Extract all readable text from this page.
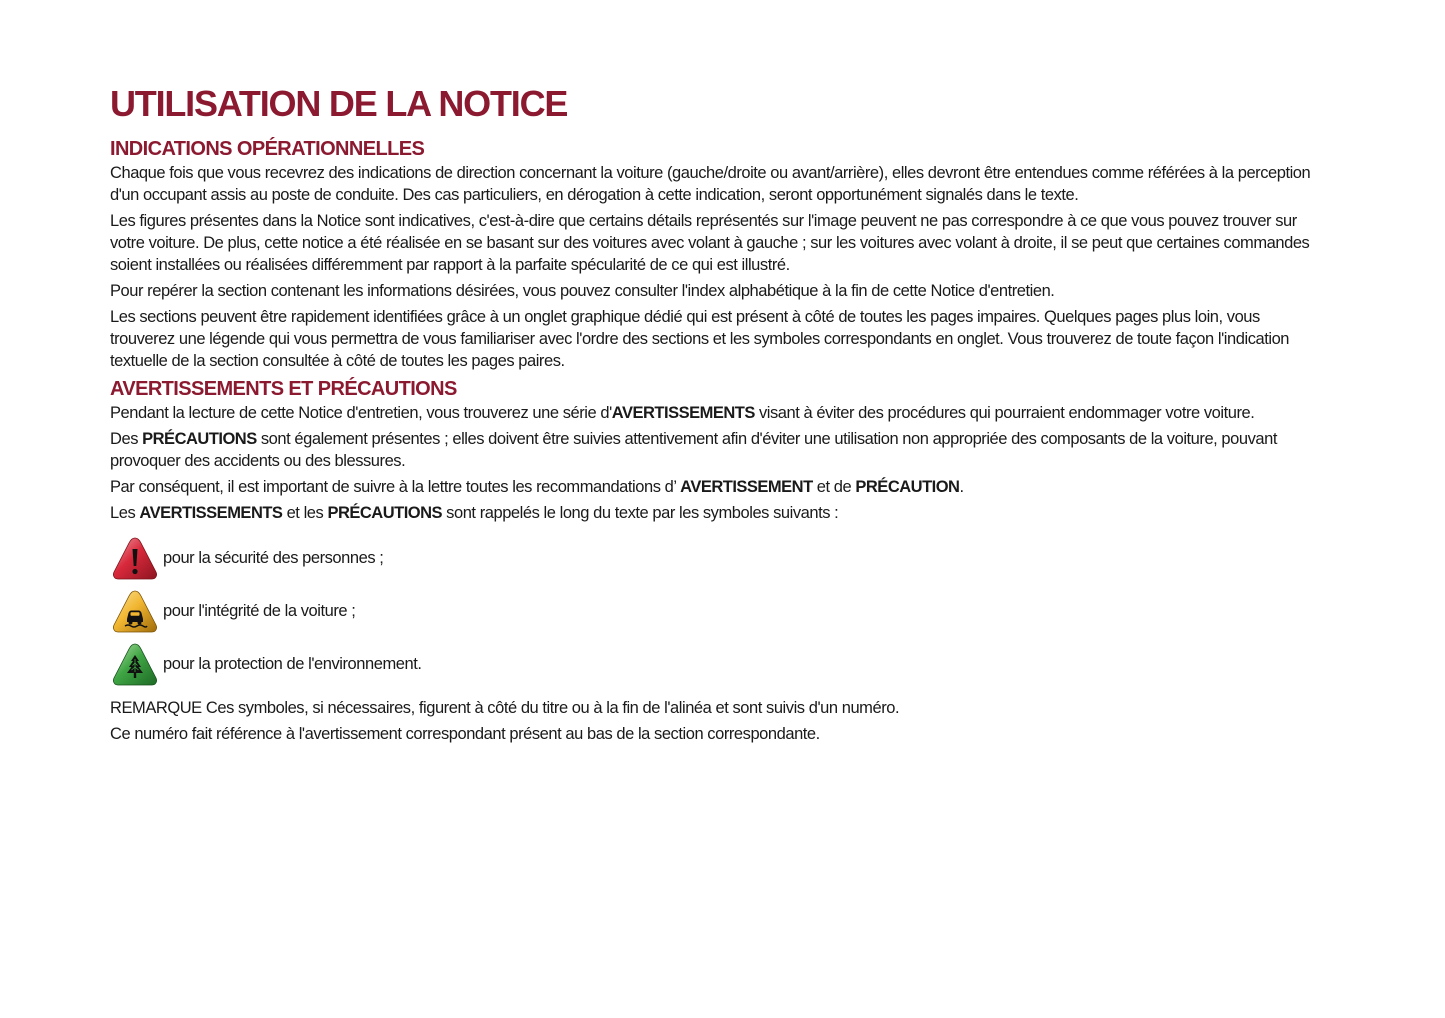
UTILISATION DE LA NOTICE
INDICATIONS OPÉRATIONNELLES

Chaque fois que vous recevrez des indications de direction concernant la voiture (gauche/droite ou avant/arrière), elles devront être entendues comme référées à la perception d'un occupant assis au poste de conduite. Des cas particuliers, en dérogation à cette indication, seront opportunément signalés dans le texte.

Les figures présentes dans la Notice sont indicatives, c'est-à-dire que certains détails représentés sur l'image peuvent ne pas correspondre à ce que vous pouvez trouver sur votre voiture. De plus, cette notice a été réalisée en se basant sur des voitures avec volant à gauche ; sur les voitures avec volant à droite, il se peut que certaines commandes soient installées ou réalisées différemment par rapport à la parfaite spécularité de ce qui est illustré.

Pour repérer la section contenant les informations désirées, vous pouvez consulter l'index alphabétique à la fin de cette Notice d'entretien.

Les sections peuvent être rapidement identifiées grâce à un onglet graphique dédié qui est présent à côté de toutes les pages impaires. Quelques pages plus loin, vous trouverez une légende qui vous permettra de vous familiariser avec l'ordre des sections et les symboles correspondants en onglet. Vous trouverez de toute façon l'indication textuelle de la section consultée à côté de toutes les pages paires.

AVERTISSEMENTS ET PRÉCAUTIONS

Pendant la lecture de cette Notice d'entretien, vous trouverez une série d'AVERTISSEMENTS visant à éviter des procédures qui pourraient endommager votre voiture.

Des PRÉCAUTIONS sont également présentes ; elles doivent être suivies attentivement afin d'éviter une utilisation non appropriée des composants de la voiture, pouvant provoquer des accidents ou des blessures.

Par conséquent, il est important de suivre à la lettre toutes les recommandations d’ AVERTISSEMENT et de PRÉCAUTION.

Les AVERTISSEMENTS et les PRÉCAUTIONS sont rappelés le long du texte par les symboles suivants :

pour la sécurité des personnes ;
pour l'intégrité de la voiture ;
pour la protection de l'environnement.

REMARQUE Ces symboles, si nécessaires, figurent à côté du titre ou à la fin de l'alinéa et sont suivis d'un numéro.

Ce numéro fait référence à l'avertissement correspondant présent au bas de la section correspondante.
